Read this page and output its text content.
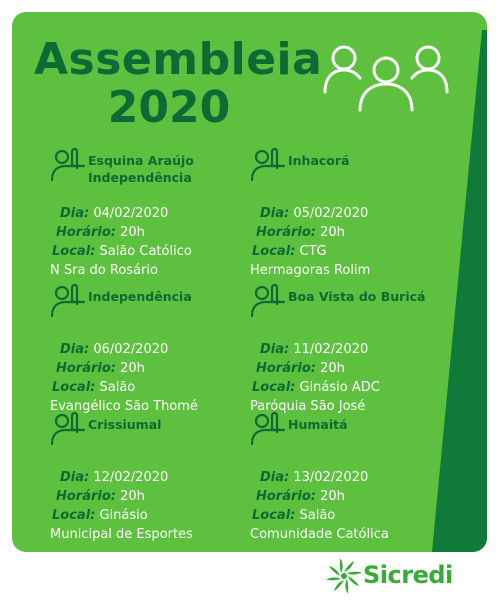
Assembleia
2020
Esquina Araújo
Independência
Dia: 04/02/2020
Horário: 20h
Local: Salão Católico
N Sra do Rosário
Inhacorá
Dia: 05/02/2020
Horário: 20h
Local: CTG
Hermagoras Rolim
Independência
Dia: 06/02/2020
Horário: 20h
Local: Salão
Evangélico São Thomé
Boa Vista do Buricá
Dia: 11/02/2020
Horário: 20h
Local: Ginásio ADC
Paróquia São José
Crissiumal
Dia: 12/02/2020
Horário: 20h
Local: Ginásio
Municipal de Esportes
Humaitá
Dia: 13/02/2020
Horário: 20h
Local: Salão
Comunidade Católica
Sicredi
